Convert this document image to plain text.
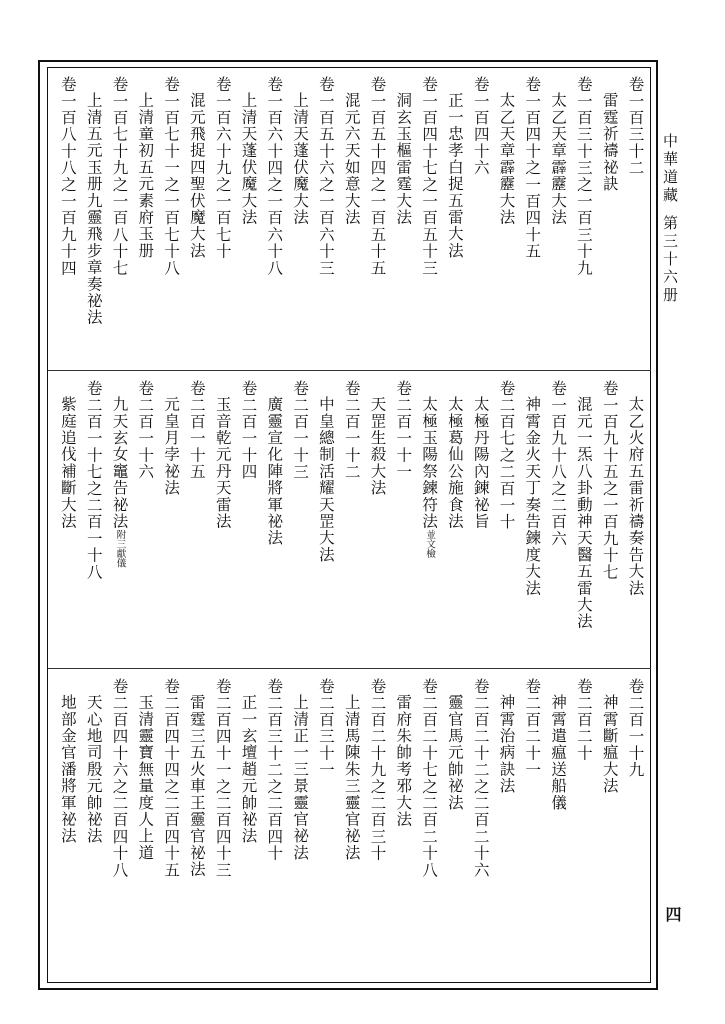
中華道藏第三十六册
四
卷一百三十二
雷霆祈禱祕訣
卷一百三十三之一百三十九
太乙天章霹靂大法
卷一百四十之一百四十五
太乙天章霹靂大法
卷一百四十六
正一忠孝白捉五雷大法
卷一百四十七之一百五十三
洞玄玉樞雷霆大法
卷一百五十四之一百五十五
混元六天如意大法
卷一百五十六之一百六十三
上清天蓬伏魔大法
卷一百六十四之一百六十八
上清天蓬伏魔大法
卷一百六十九之一百七十
混元飛捉四聖伏魔大法
卷一百七十一之一百七十八
上清童初五元素府玉册
卷一百七十九之一百八十七
上清五元玉册九靈飛步章奏祕法
卷一百八十八之一百九十四
太乙火府五雷祈禱奏告大法
卷一百九十五之一百九十七
混元一炁八卦動神天醫五雷大法
卷一百九十八之二百六
神霄金火天丁奏告鍊度大法
卷二百七之二百一十
太極丹陽內鍊祕旨
太極葛仙公施食法
太極玉陽祭鍊符法並文檢
卷二百一十一
天罡生殺大法
卷二百一十二
中皇總制活耀天罡大法
卷二百一十三
廣靈宣化陣將軍祕法
卷二百一十四
玉音乾元丹天雷法
卷二百一十五
元皇月孛祕法
卷二百一十六
九天玄女竈告祕法附三獻儀
卷二百一十七之二百一十八
紫庭追伐補斷大法
卷二百一十九
神霄斷瘟大法
卷二百二十
神霄遣瘟送船儀
卷二百二十一
神霄治病訣法
卷二百二十二之二百二十六
靈官馬元帥祕法
卷二百二十七之二百二十八
雷府朱帥考邪大法
卷二百二十九之二百三十
上清馬陳朱三靈官祕法
卷二百三十一
上清正一三景靈官祕法
卷二百三十二之二百四十
正一玄壇趙元帥祕法
卷二百四十一之二百四十三
雷霆三五火車王靈官祕法
卷二百四十四之二百四十五
玉清靈寶無量度人上道
卷二百四十六之二百四十八
天心地司殷元帥祕法
地部金官潘將軍祕法
